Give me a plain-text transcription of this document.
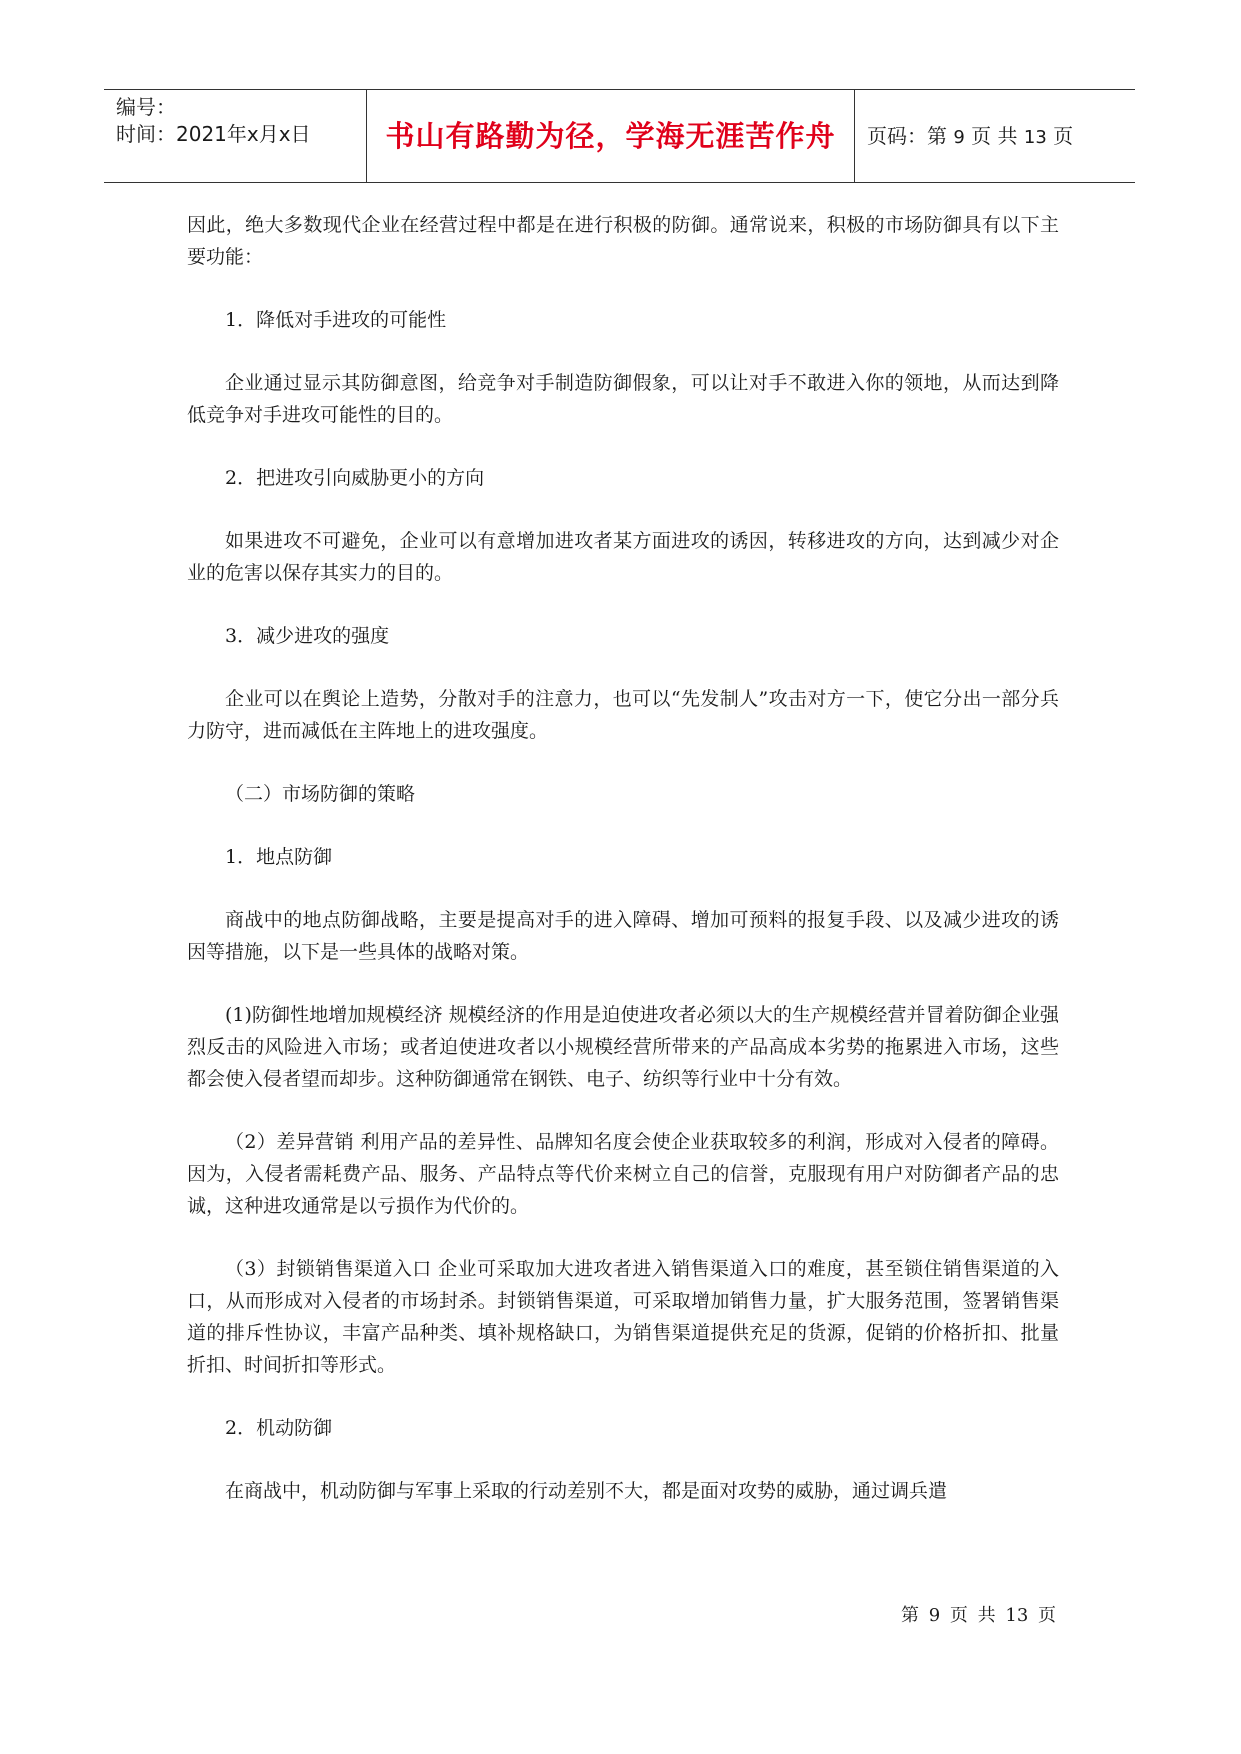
编号：
时间：2021年x月x日	书山有路勤为径，学海无涯苦作舟	页码：第 9 页 共 13 页

因此，绝大多数现代企业在经营过程中都是在进行积极的防御。通常说来，积极的市场防御具有以下主要功能：

1．降低对手进攻的可能性

企业通过显示其防御意图，给竞争对手制造防御假象，可以让对手不敢进入你的领地，从而达到降低竞争对手进攻可能性的目的。

2．把进攻引向威胁更小的方向

如果进攻不可避免，企业可以有意增加进攻者某方面进攻的诱因，转移进攻的方向，达到减少对企业的危害以保存其实力的目的。

3．减少进攻的强度

企业可以在舆论上造势，分散对手的注意力，也可以“先发制人”攻击对方一下，使它分出一部分兵力防守，进而减低在主阵地上的进攻强度。

（二）市场防御的策略

1．地点防御

商战中的地点防御战略，主要是提高对手的进入障碍、增加可预料的报复手段、以及减少进攻的诱因等措施，以下是一些具体的战略对策。

(1)防御性地增加规模经济 规模经济的作用是迫使进攻者必须以大的生产规模经营并冒着防御企业强烈反击的风险进入市场；或者迫使进攻者以小规模经营所带来的产品高成本劣势的拖累进入市场，这些都会使入侵者望而却步。这种防御通常在钢铁、电子、纺织等行业中十分有效。

（2）差异营销 利用产品的差异性、品牌知名度会使企业获取较多的利润，形成对入侵者的障碍。因为，入侵者需耗费产品、服务、产品特点等代价来树立自己的信誉，克服现有用户对防御者产品的忠诚，这种进攻通常是以亏损作为代价的。

（3）封锁销售渠道入口 企业可采取加大进攻者进入销售渠道入口的难度，甚至锁住销售渠道的入口，从而形成对入侵者的市场封杀。封锁销售渠道，可采取增加销售力量，扩大服务范围，签署销售渠道的排斥性协议，丰富产品种类、填补规格缺口，为销售渠道提供充足的货源，促销的价格折扣、批量折扣、时间折扣等形式。

2．机动防御

在商战中，机动防御与军事上采取的行动差别不大，都是面对攻势的威胁，通过调兵遣

第 9 页 共 13 页
